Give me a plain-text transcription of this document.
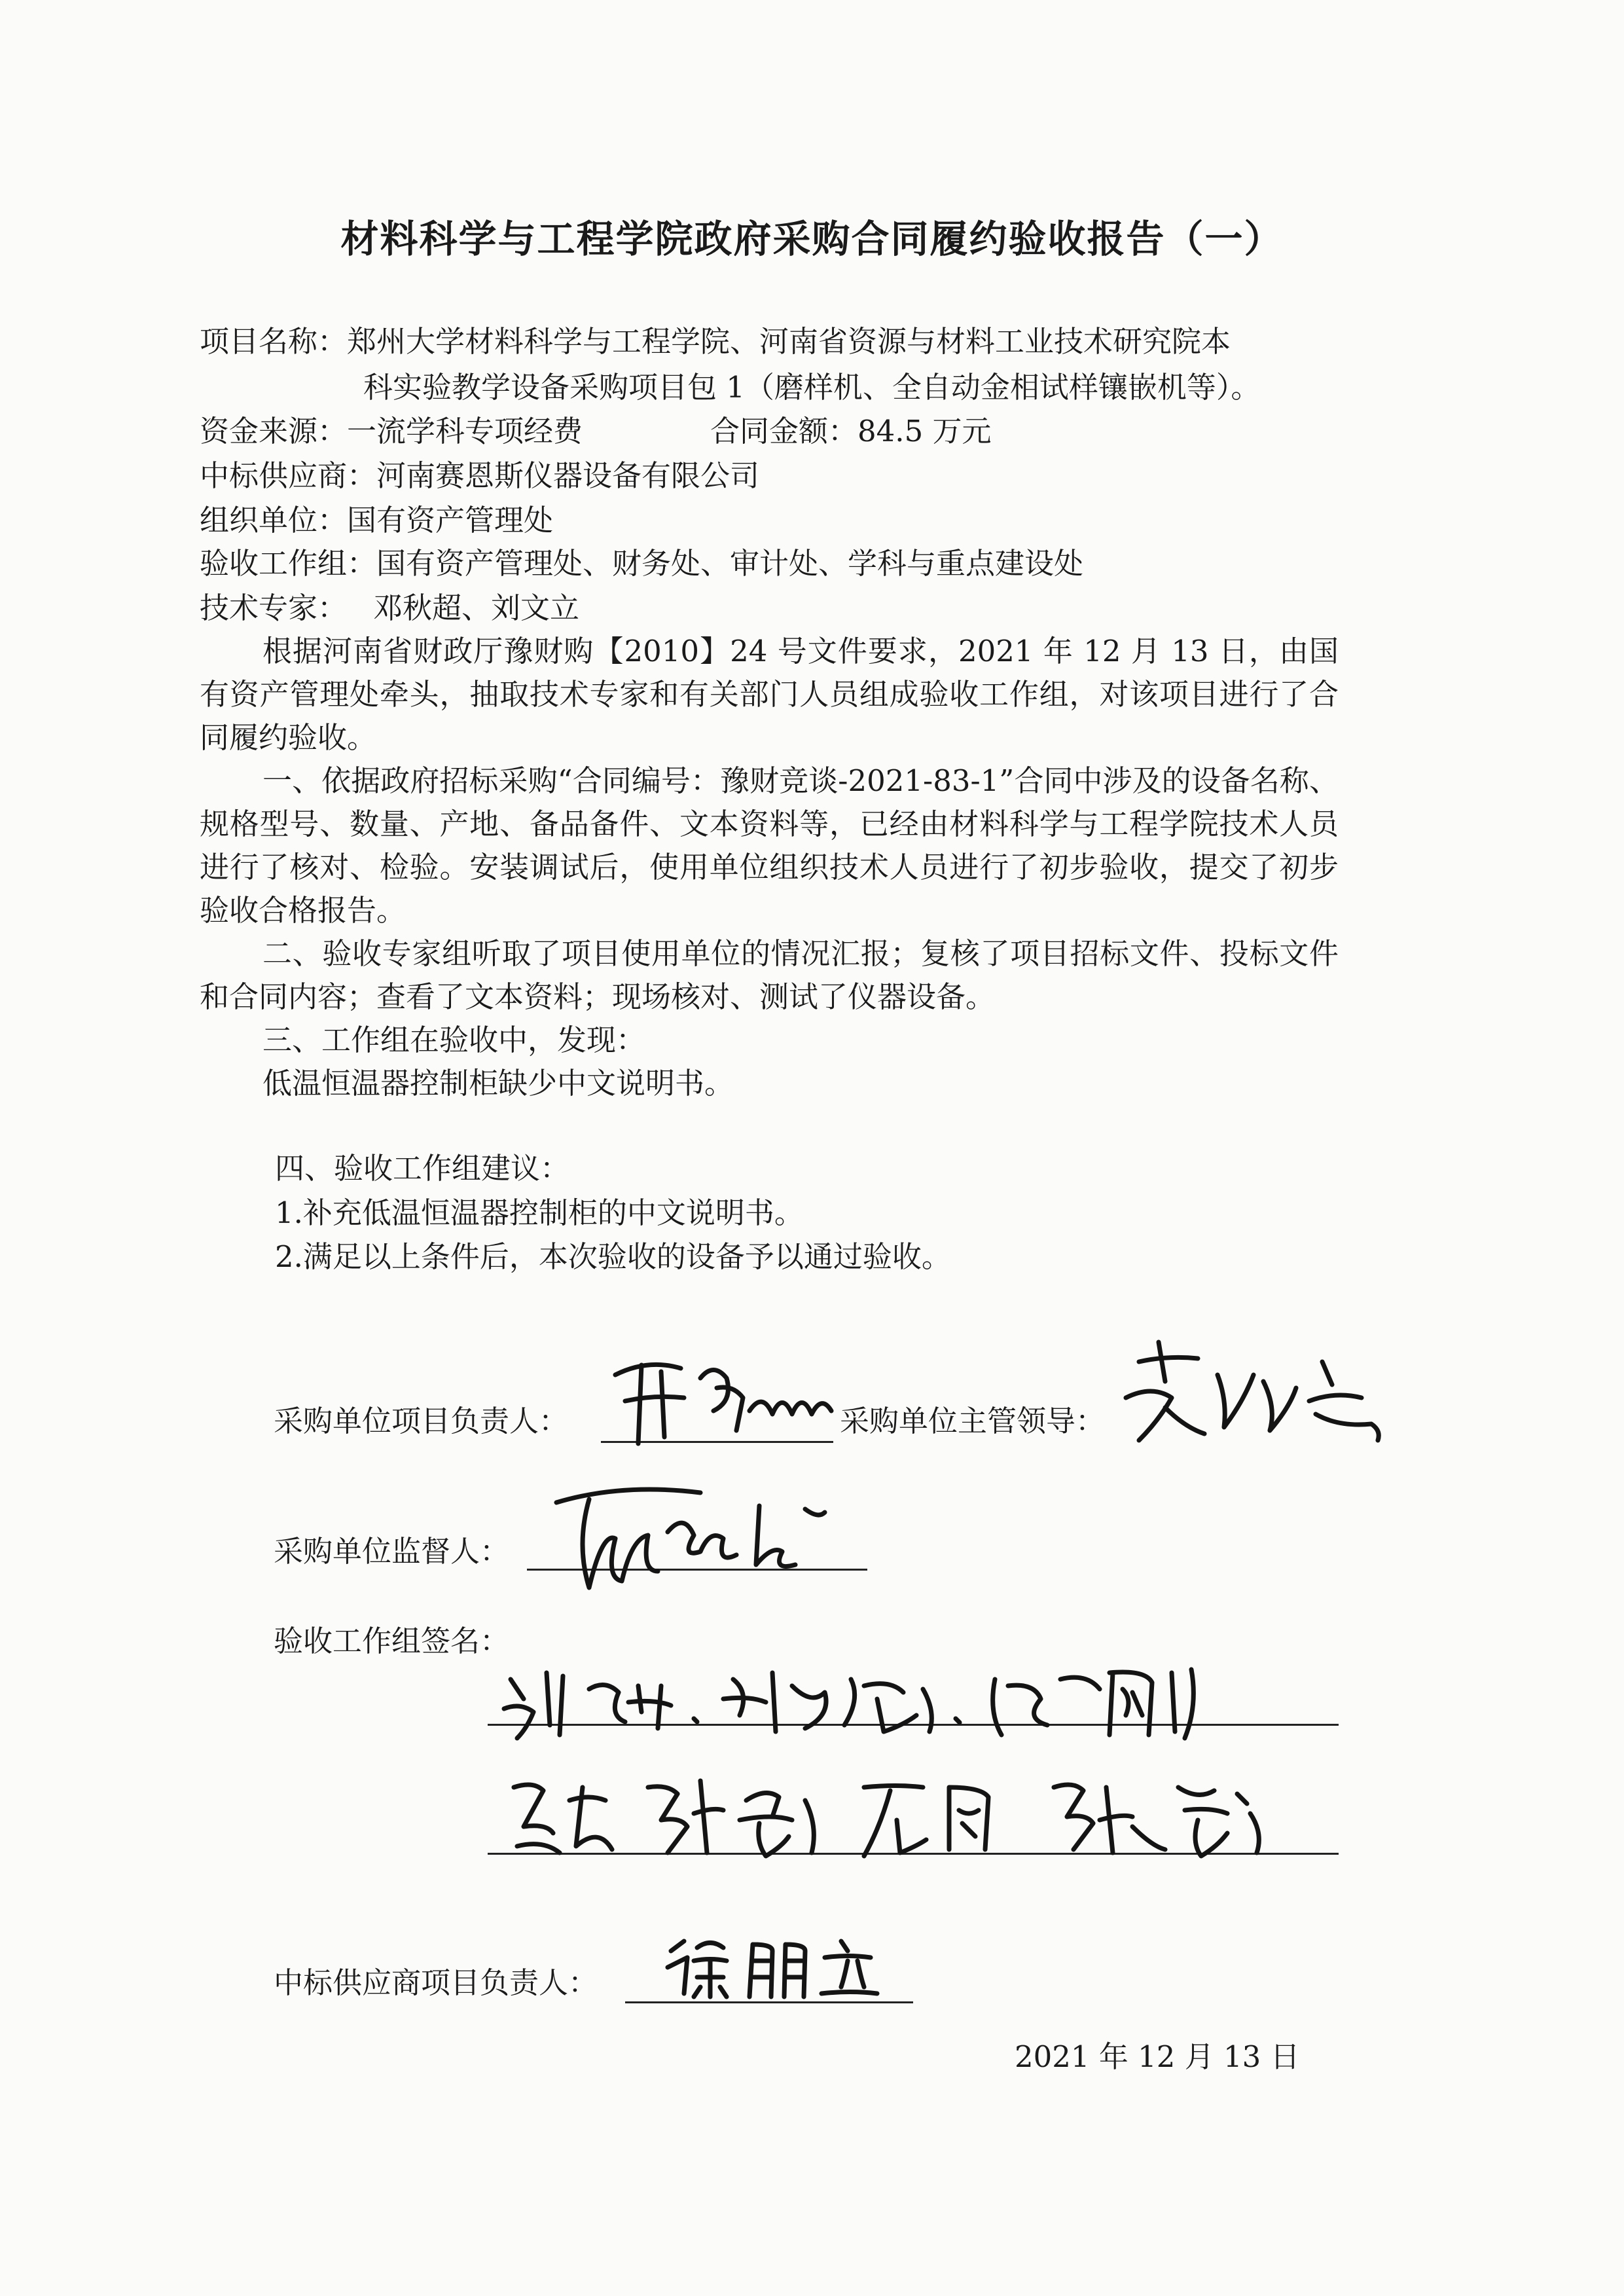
材料科学与工程学院政府采购合同履约验收报告（一）
项目名称：郑州大学材料科学与工程学院、河南省资源与材料工业技术研究院本
科实验教学设备采购项目包 1（磨样机、全自动金相试样镶嵌机等）。
资金来源：一流学科专项经费	合同金额：84.5 万元
中标供应商：河南赛恩斯仪器设备有限公司
组织单位：国有资产管理处
验收工作组：国有资产管理处、财务处、审计处、学科与重点建设处
技术专家： 邓秋超、刘文立

根据河南省财政厅豫财购【2010】24 号文件要求，2021 年 12 月 13 日，由国有资产管理处牵头，抽取技术专家和有关部门人员组成验收工作组，对该项目进行了合同履约验收。

一、依据政府招标采购“合同编号：豫财竞谈-2021-83-1”合同中涉及的设备名称、规格型号、数量、产地、备品备件、文本资料等，已经由材料科学与工程学院技术人员进行了核对、检验。安装调试后，使用单位组织技术人员进行了初步验收，提交了初步验收合格报告。

二、验收专家组听取了项目使用单位的情况汇报；复核了项目招标文件、投标文件和合同内容；查看了文本资料；现场核对、测试了仪器设备。

三、工作组在验收中，发现：

低温恒温器控制柜缺少中文说明书。

四、验收工作组建议：
1.补充低温恒温器控制柜的中文说明书。
2.满足以上条件后，本次验收的设备予以通过验收。
采购单位项目负责人：	采购单位主管领导：
采购单位监督人：
验收工作组签名：
中标供应商项目负责人：
2021 年 12 月 13 日
